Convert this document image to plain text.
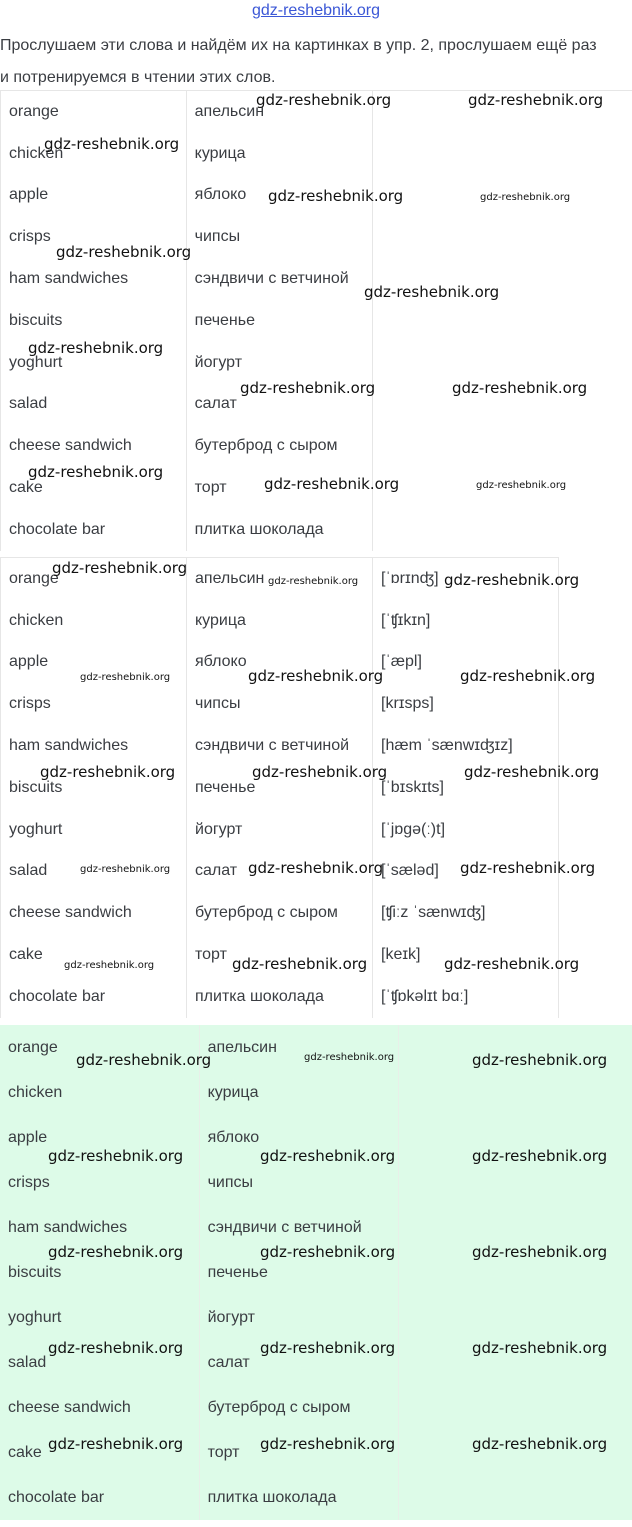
gdz-reshebnik.org
Прослушаем эти слова и найдём их на картинках в упр. 2, прослушаем ещё раз
и потренируемся в чтении этих слов.
orange	апельсин	
chicken	курица	
apple	яблоко	
crisps	чипсы	
ham sandwiches	сэндвичи с ветчиной	
biscuits	печенье	
yoghurt	йогурт	
salad	салат	
cheese sandwich	бутерброд с сыром	
cake	торт	
chocolate bar	плитка шоколада	
orange	апельсин	[ˈɒrɪnʤ]
chicken	курица	[ˈʧɪkɪn]
apple	яблоко	[ˈæpl]
crisps	чипсы	[krɪsps]
ham sandwiches	сэндвичи с ветчиной	[hæm ˈsænwɪʤɪz]
biscuits	печенье	[ˈbɪskɪts]
yoghurt	йогурт	[ˈjɒgə(ː)t]
salad	салат	[ˈsæləd]
cheese sandwich	бутерброд с сыром	[ʧiːz ˈsænwɪʤ]
cake	торт	[keɪk]
chocolate bar	плитка шоколада	[ˈʧɒkəlɪt bɑː]
orange	апельсин	
chicken	курица	
apple	яблоко	
crisps	чипсы	
ham sandwiches	сэндвичи с ветчиной	
biscuits	печенье	
yoghurt	йогурт	
salad	салат	
cheese sandwich	бутерброд с сыром	
cake	торт	
chocolate bar	плитка шоколада	
gdz-reshebnik.org	gdz-reshebnik.org
gdz-reshebnik.org
gdz-reshebnik.org	gdz-reshebnik.org
gdz-reshebnik.org
gdz-reshebnik.org
gdz-reshebnik.org
gdz-reshebnik.org	gdz-reshebnik.org
gdz-reshebnik.org
gdz-reshebnik.org	gdz-reshebnik.org
gdz-reshebnik.org
gdz-reshebnik.org	gdz-reshebnik.org
gdz-reshebnik.org	gdz-reshebnik.org	gdz-reshebnik.org
gdz-reshebnik.org	gdz-reshebnik.org	gdz-reshebnik.org
gdz-reshebnik.org	gdz-reshebnik.org	gdz-reshebnik.org
gdz-reshebnik.org	gdz-reshebnik.org	gdz-reshebnik.org
gdz-reshebnik.org	gdz-reshebnik.org	gdz-reshebnik.org
gdz-reshebnik.org	gdz-reshebnik.org	gdz-reshebnik.org
gdz-reshebnik.org	gdz-reshebnik.org	gdz-reshebnik.org
gdz-reshebnik.org	gdz-reshebnik.org	gdz-reshebnik.org
gdz-reshebnik.org	gdz-reshebnik.org	gdz-reshebnik.org
